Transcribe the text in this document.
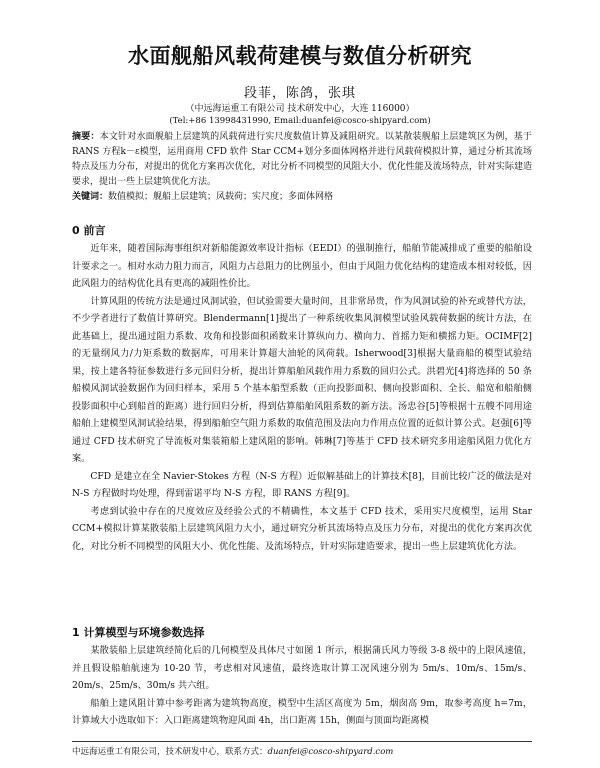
水面舰船风载荷建模与数值分析研究
段菲，陈鸽，张琪
（中远海运重工有限公司 技术研发中心，大连 116000）
(Tel:+86 13998431990, Email:duanfei@cosco-shipyard.com)
摘要：本文针对水面舰船上层建筑的风载荷进行实尺度数值计算及减阻研究。以某散装舰船上层建筑区为例，基于 RANS 方程k－ε模型，运用商用 CFD 软件 Star CCM+划分多面体网格并进行风载荷模拟计算，通过分析其流场特点及压力分布，对提出的优化方案再次优化，对比分析不同模型的风阻大小、优化性能及流场特点，针对实际建造要求，提出一些上层建筑优化方法。
关键词：数值模拟；舰船上层建筑；风载荷；实尺度；多面体网格
0 前言

近年来，随着国际海事组织对新船能源效率设计指标（EEDI）的强制推行，船舶节能减排成了重要的船舶设计要求之一。相对水动力阻力而言，风阻力占总阻力的比例虽小，但由于风阻力优化结构的建造成本相对较低，因此风阻力的结构优化具有更高的减阻性价比。

计算风阻的传统方法是通过风洞试验，但试验需要大量时间，且非常昂贵，作为风洞试验的补充或替代方法，不少学者进行了数值计算研究。Blendermann[1]提出了一种系统收集风洞模型试验风载荷数据的统计方法，在此基础上，提出通过阻力系数、攻角和投影面积函数来计算纵向力、横向力、首摇力矩和横摇力矩。OCIMF[2]的无量纲风力/力矩系数的数据库，可用来计算超大油轮的风荷载。Isherwood[3]根据大量商船的模型试验结果，按上建各特征参数进行多元回归分析，提出计算船舶风载作用力系数的回归公式。洪碧光[4]将选择的 50 条船模风洞试验数据作为回归样本，采用 5 个基本船型系数（正向投影面积、侧向投影面积、全长、船宽和船舶侧投影面积中心到船首的距离）进行回归分析，得到估算船舶风阻系数的新方法。汤忠谷[5]等根据十五艘不同用途船舶上建模型风洞试验结果，得到船舶空气阻力系数的取值范围及法向力作用点位置的近似计算公式。赵强[6]等通过 CFD 技术研究了导流板对集装箱船上建风阻的影响。韩琳[7]等基于 CFD 技术研究多用途船风阻力优化方案。

CFD 是建立在全 Navier-Stokes 方程（N-S 方程）近似解基础上的计算技术[8]，目前比较广泛的做法是对 N-S 方程做时均处理，得到雷诺平均 N-S 方程，即 RANS 方程[9]。

考虑到试验中存在的尺度效应及经验公式的不精确性，本文基于 CFD 技术，采用实尺度模型，运用 Star CCM+模拟计算某散装船上层建筑风阻力大小，通过研究分析其流场特点及压力分布，对提出的优化方案再次优化，对比分析不同模型的风阻大小、优化性能、及流场特点，针对实际建造要求，提出一些上层建筑优化方法。

1 计算模型与环境参数选择

某散装船上层建筑经简化后的几何模型及具体尺寸如图 1 所示，根据蒲氏风力等级 3-8 级中的上限风速值，并且假设船舶航速为 10-20 节，考虑相对风速值，最终选取计算工况风速分别为 5m/s、10m/s、15m/s、20m/s、25m/s、30m/s 共六组。

船舶上建风阻计算中参考距离为建筑物高度，模型中生活区高度为 5m，烟囱高 9m，取参考高度 h=7m，计算域大小选取如下：入口距离建筑物迎风面 4h，出口距离 15h，侧面与顶面均距离模

中远海运重工有限公司，技术研发中心，联系方式：duanfei@cosco-shipyard.com
